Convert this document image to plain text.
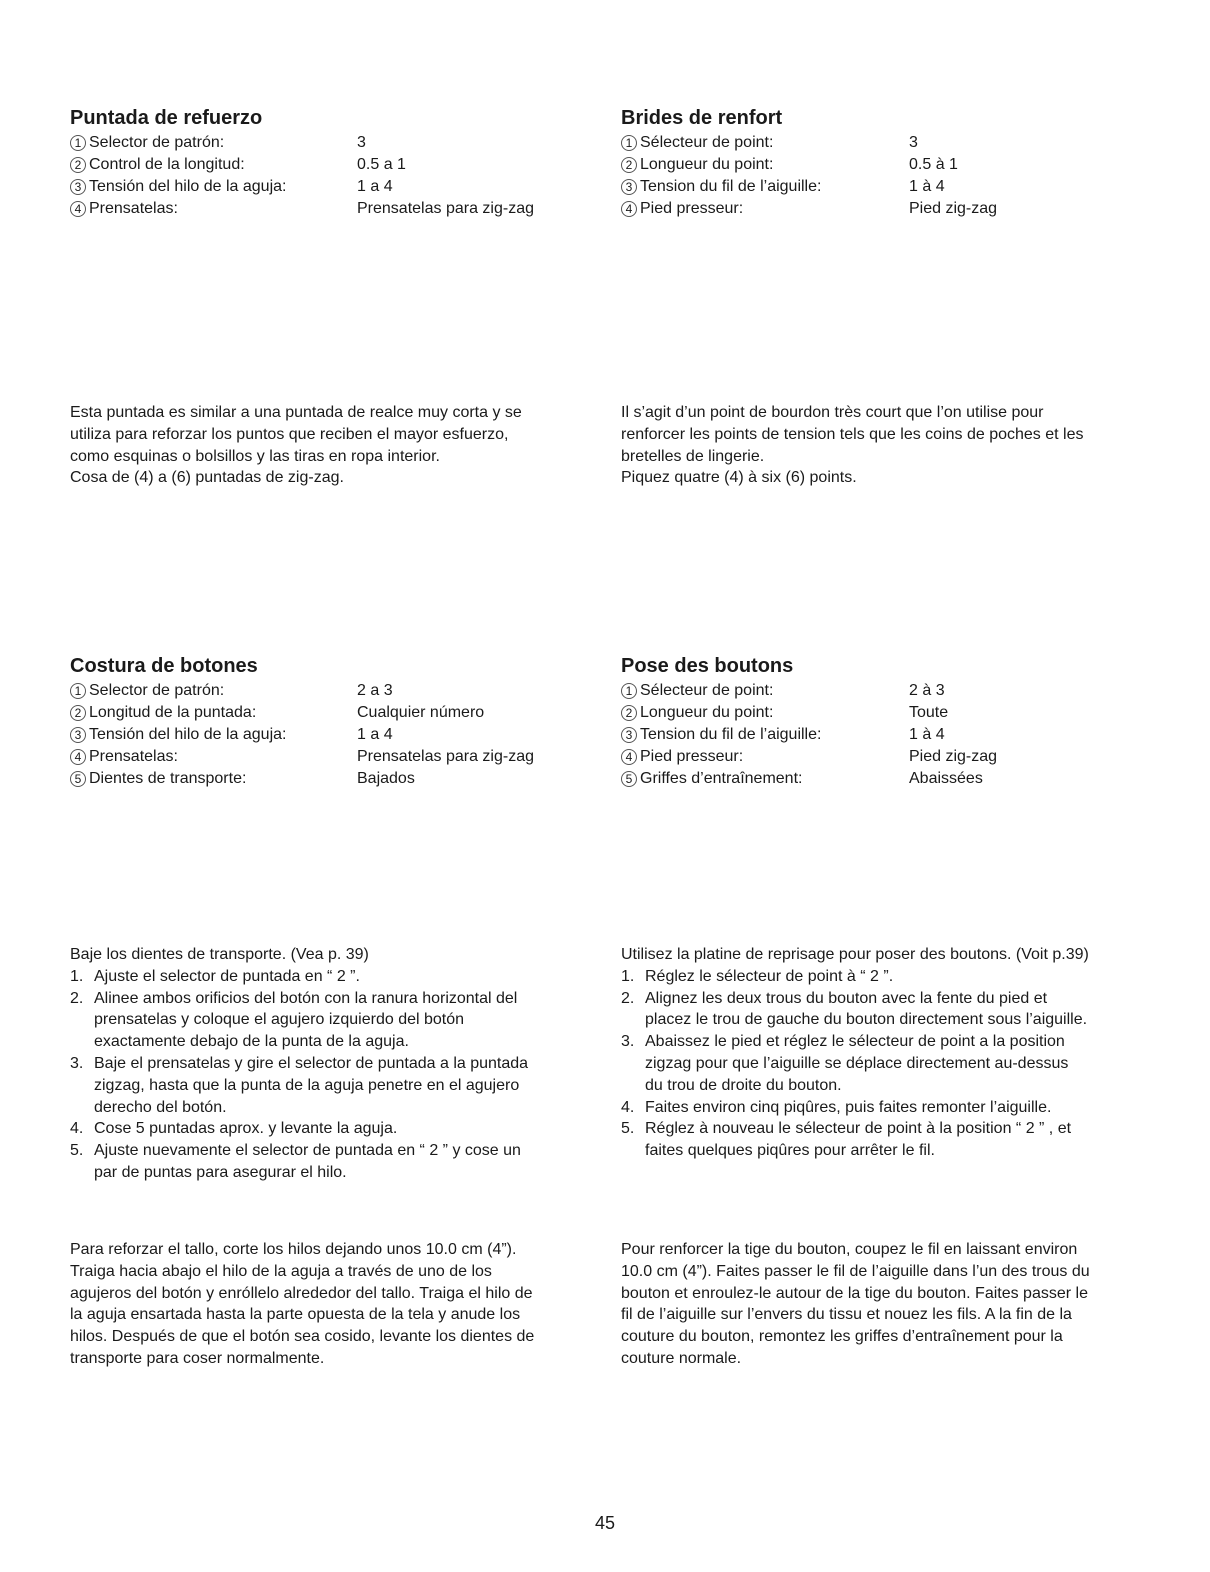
Puntada de refuerzo
1 Selector de patrón:	3
2 Control de la longitud:	0.5 a 1
3 Tensión del hilo de la aguja:	1 a 4
4 Prensatelas:	Prensatelas para zig-zag

Esta puntada es similar a una puntada de realce muy corta y se
utiliza para reforzar los puntos que reciben el mayor esfuerzo,
como esquinas o bolsillos y las tiras en ropa interior.
Cosa de (4) a (6) puntadas de zig-zag.

Costura de botones
1 Selector de patrón:	2 a 3
2 Longitud de la puntada:	Cualquier número
3 Tensión del hilo de la aguja:	1 a 4
4 Prensatelas:	Prensatelas para zig-zag
5 Dientes de transporte:	Bajados

Baje los dientes de transporte. (Vea p. 39)

1. Ajuste el selector de puntada en “ 2 ”.
2. Alinee ambos orificios del botón con la ranura horizontal del
prensatelas y coloque el agujero izquierdo del botón
exactamente debajo de la punta de la aguja.
3. Baje el prensatelas y gire el selector de puntada a la puntada
zigzag, hasta que la punta de la aguja penetre en el agujero
derecho del botón.
4. Cose 5 puntadas aprox. y levante la aguja.
5. Ajuste nuevamente el selector de puntada en “ 2 ” y cose un
par de puntas para asegurar el hilo.

Para reforzar el tallo, corte los hilos dejando unos 10.0 cm (4”).
Traiga hacia abajo el hilo de la aguja a través de uno de los
agujeros del botón y enróllelo alrededor del tallo. Traiga el hilo de
la aguja ensartada hasta la parte opuesta de la tela y anude los
hilos. Después de que el botón sea cosido, levante los dientes de
transporte para coser normalmente.

Brides de renfort
1 Sélecteur de point:	3
2 Longueur du point:	0.5 à 1
3 Tension du fil de l’aiguille:	1 à 4
4 Pied presseur:	Pied zig-zag

Il s’agit d’un point de bourdon très court que l’on utilise pour
renforcer les points de tension tels que les coins de poches et les
bretelles de lingerie.
Piquez quatre (4) à six (6) points.

Pose des boutons
1 Sélecteur de point:	2 à 3
2 Longueur du point:	Toute
3 Tension du fil de l’aiguille:	1 à 4
4 Pied presseur:	Pied zig-zag
5 Griffes d’entraînement:	Abaissées

Utilisez la platine de reprisage pour poser des boutons. (Voit p.39)

1. Réglez le sélecteur de point à “ 2 ”.
2. Alignez les deux trous du bouton avec la fente du pied et
placez le trou de gauche du bouton directement sous l’aiguille.
3. Abaissez le pied et réglez le sélecteur de point a la position
zigzag pour que l’aiguille se déplace directement au-dessus
du trou de droite du bouton.
4. Faites environ cinq piqûres, puis faites remonter l’aiguille.
5. Réglez à nouveau le sélecteur de point à la position “ 2 ” , et
faites quelques piqûres pour arrêter le fil.

Pour renforcer la tige du bouton, coupez le fil en laissant environ
10.0 cm (4”). Faites passer le fil de l’aiguille dans l’un des trous du
bouton et enroulez-le autour de la tige du bouton. Faites passer le
fil de l’aiguille sur l’envers du tissu et nouez les fils. A la fin de la
couture du bouton, remontez les griffes d’entraînement pour la
couture normale.

45
